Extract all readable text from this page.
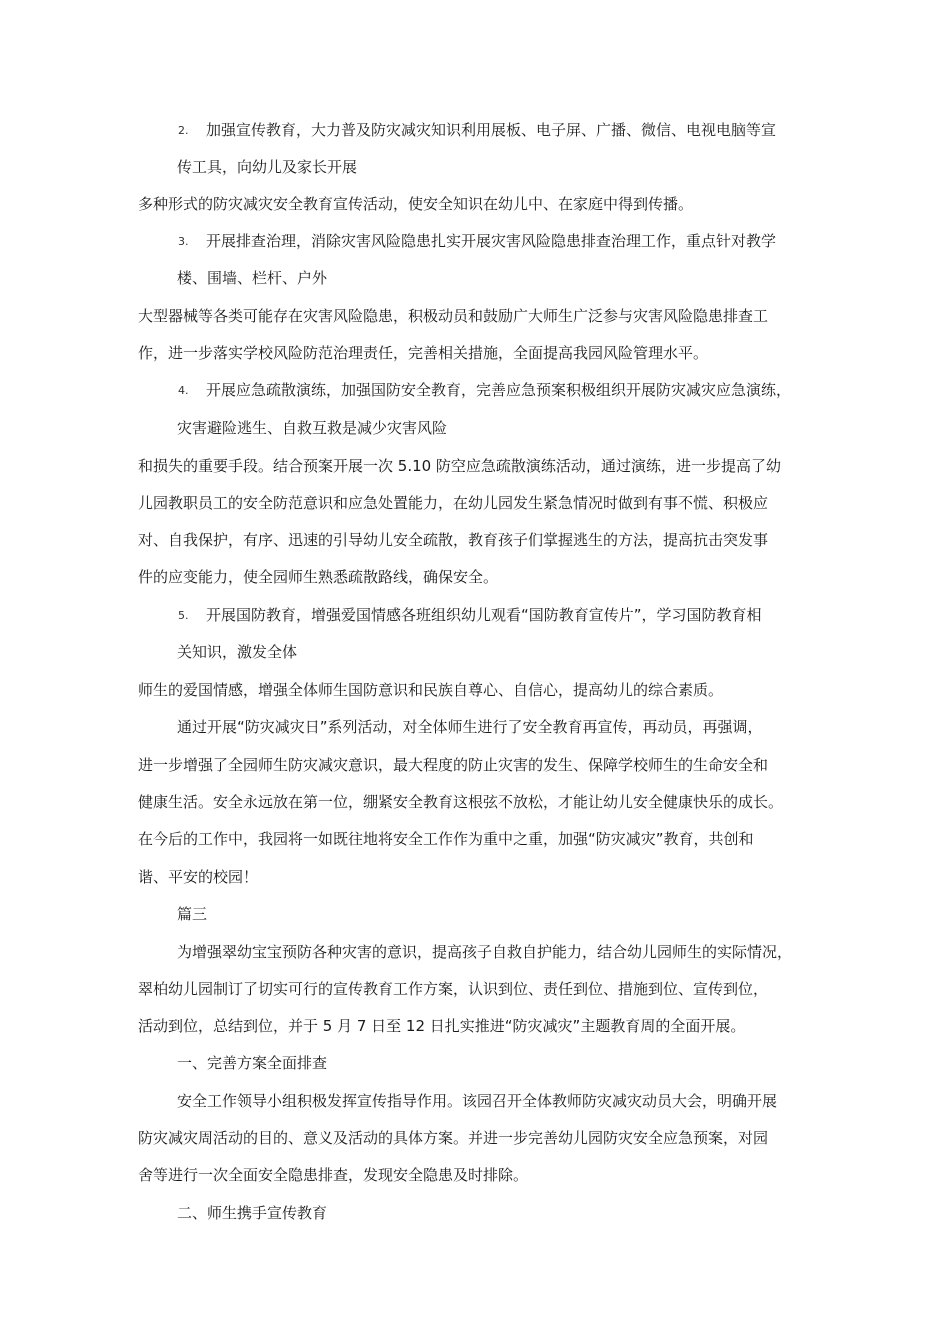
2. 加强宣传教育，大力普及防灾减灾知识利用展板、电子屏、广播、微信、电视电脑等宣
传工具，向幼儿及家长开展
多种形式的防灾减灾安全教育宣传活动，使安全知识在幼儿中、在家庭中得到传播。
3. 开展排查治理，消除灾害风险隐患扎实开展灾害风险隐患排查治理工作，重点针对教学
楼、围墙、栏杆、户外
大型器械等各类可能存在灾害风险隐患，积极动员和鼓励广大师生广泛参与灾害风险隐患排查工
作，进一步落实学校风险防范治理责任，完善相关措施，全面提高我园风险管理水平。
4. 开展应急疏散演练，加强国防安全教育，完善应急预案积极组织开展防灾减灾应急演练，
灾害避险逃生、自救互救是减少灾害风险
和损失的重要手段。结合预案开展一次 5.10 防空应急疏散演练活动，通过演练，进一步提高了幼
儿园教职员工的安全防范意识和应急处置能力，在幼儿园发生紧急情况时做到有事不慌、积极应
对、自我保护，有序、迅速的引导幼儿安全疏散，教育孩子们掌握逃生的方法，提高抗击突发事
件的应变能力，使全园师生熟悉疏散路线，确保安全。
5. 开展国防教育，增强爱国情感各班组织幼儿观看“国防教育宣传片”，学习国防教育相
关知识，激发全体
师生的爱国情感，增强全体师生国防意识和民族自尊心、自信心，提高幼儿的综合素质。
通过开展“防灾减灾日”系列活动，对全体师生进行了安全教育再宣传，再动员，再强调，
进一步增强了全园师生防灾减灾意识，最大程度的防止灾害的发生、保障学校师生的生命安全和
健康生活。安全永远放在第一位，绷紧安全教育这根弦不放松，才能让幼儿安全健康快乐的成长。
在今后的工作中，我园将一如既往地将安全工作作为重中之重，加强“防灾减灾”教育，共创和
谐、平安的校园！
篇三
为增强翠幼宝宝预防各种灾害的意识，提高孩子自救自护能力，结合幼儿园师生的实际情况，
翠柏幼儿园制订了切实可行的宣传教育工作方案，认识到位、责任到位、措施到位、宣传到位，
活动到位，总结到位，并于 5 月 7 日至 12 日扎实推进“防灾减灾”主题教育周的全面开展。
一、完善方案全面排查
安全工作领导小组积极发挥宣传指导作用。该园召开全体教师防灾减灾动员大会，明确开展
防灾减灾周活动的目的、意义及活动的具体方案。并进一步完善幼儿园防灾安全应急预案，对园
舍等进行一次全面安全隐患排查，发现安全隐患及时排除。
二、师生携手宣传教育
